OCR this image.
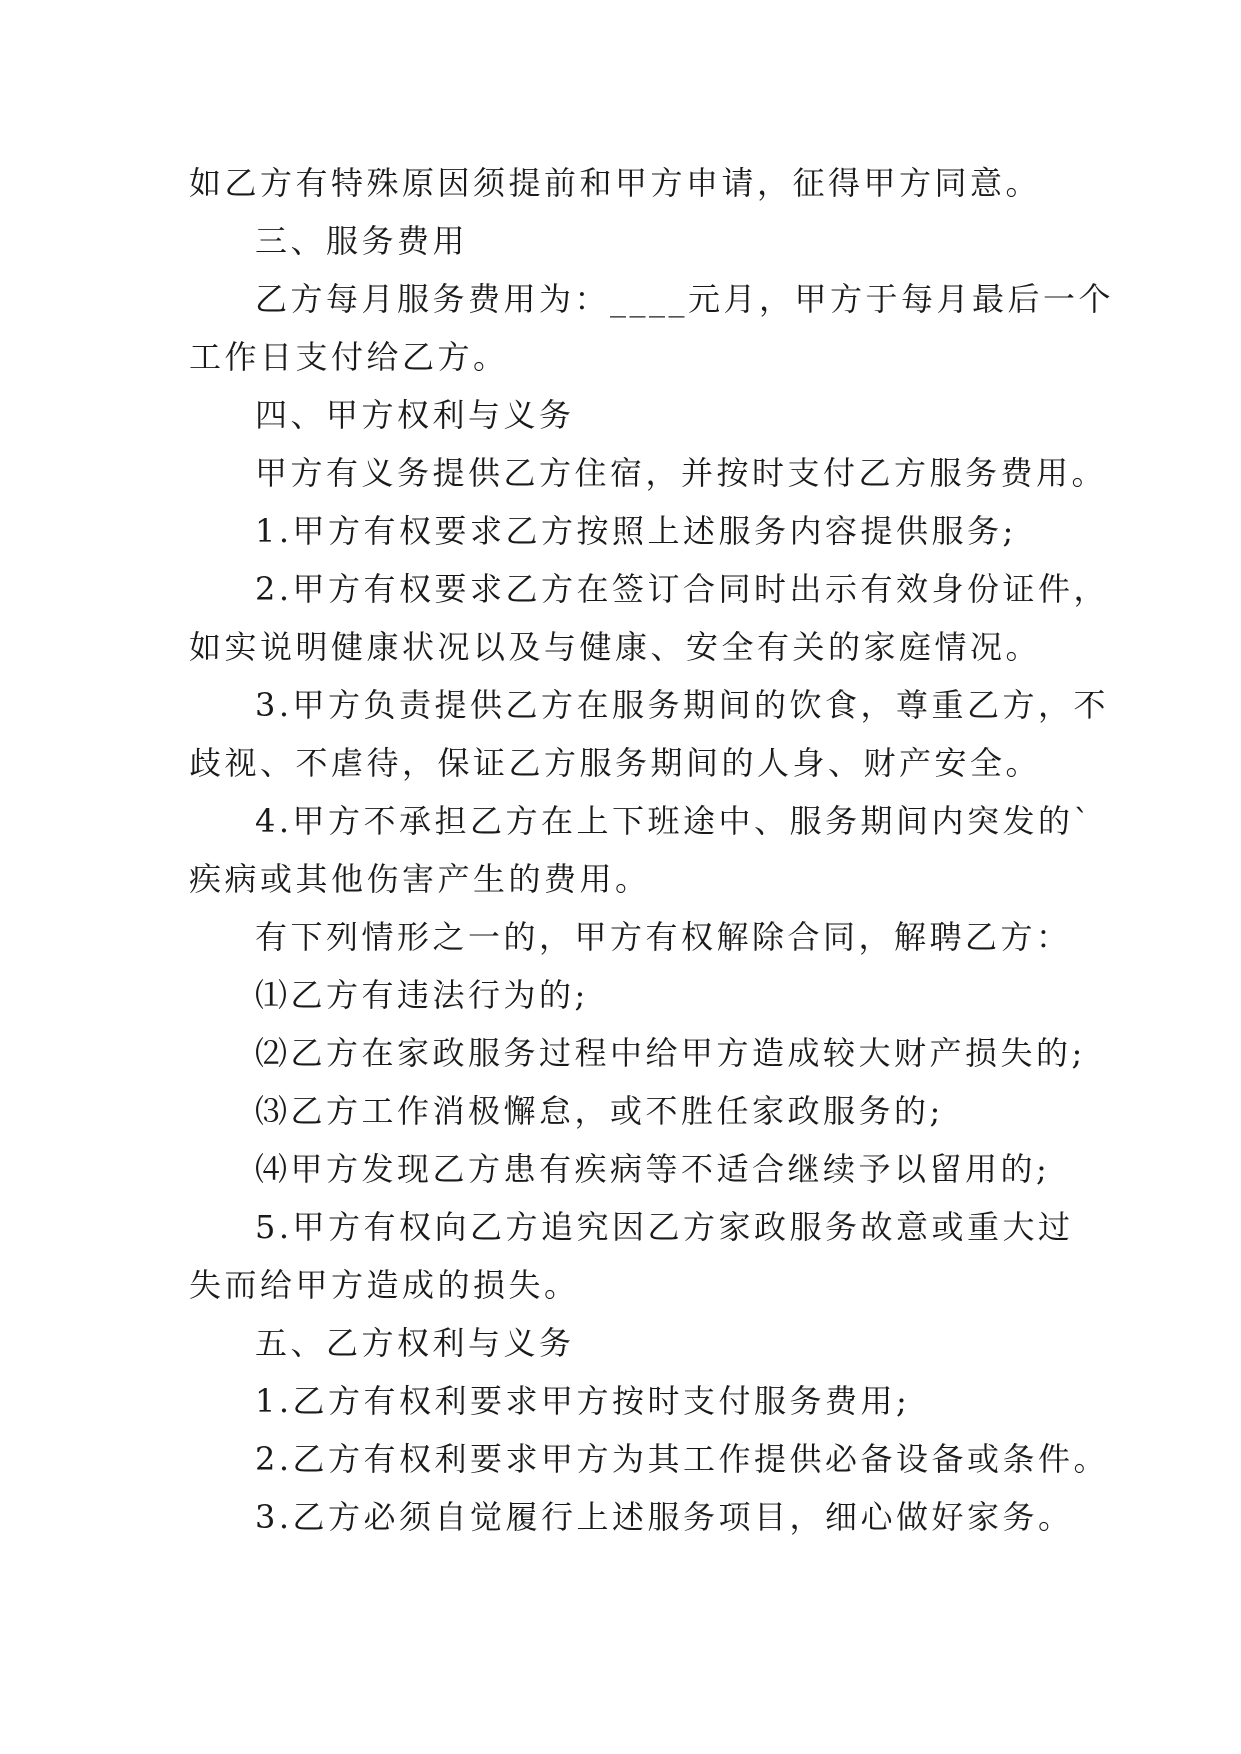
如乙方有特殊原因须提前和甲方申请，征得甲方同意。

三、服务费用

乙方每月服务费用为：____元月，甲方于每月最后一个

工作日支付给乙方。

四、甲方权利与义务

甲方有义务提供乙方住宿，并按时支付乙方服务费用。

1.甲方有权要求乙方按照上述服务内容提供服务;

2.甲方有权要求乙方在签订合同时出示有效身份证件，

如实说明健康状况以及与健康、安全有关的家庭情况。

3.甲方负责提供乙方在服务期间的饮食，尊重乙方，不

歧视、不虐待，保证乙方服务期间的人身、财产安全。

4.甲方不承担乙方在上下班途中、服务期间内突发的`

疾病或其他伤害产生的费用。

有下列情形之一的，甲方有权解除合同，解聘乙方：

⑴乙方有违法行为的;

⑵乙方在家政服务过程中给甲方造成较大财产损失的;

⑶乙方工作消极懈怠，或不胜任家政服务的;

⑷甲方发现乙方患有疾病等不适合继续予以留用的;

5.甲方有权向乙方追究因乙方家政服务故意或重大过

失而给甲方造成的损失。

五、乙方权利与义务

1.乙方有权利要求甲方按时支付服务费用;

2.乙方有权利要求甲方为其工作提供必备设备或条件。

3.乙方必须自觉履行上述服务项目，细心做好家务。
